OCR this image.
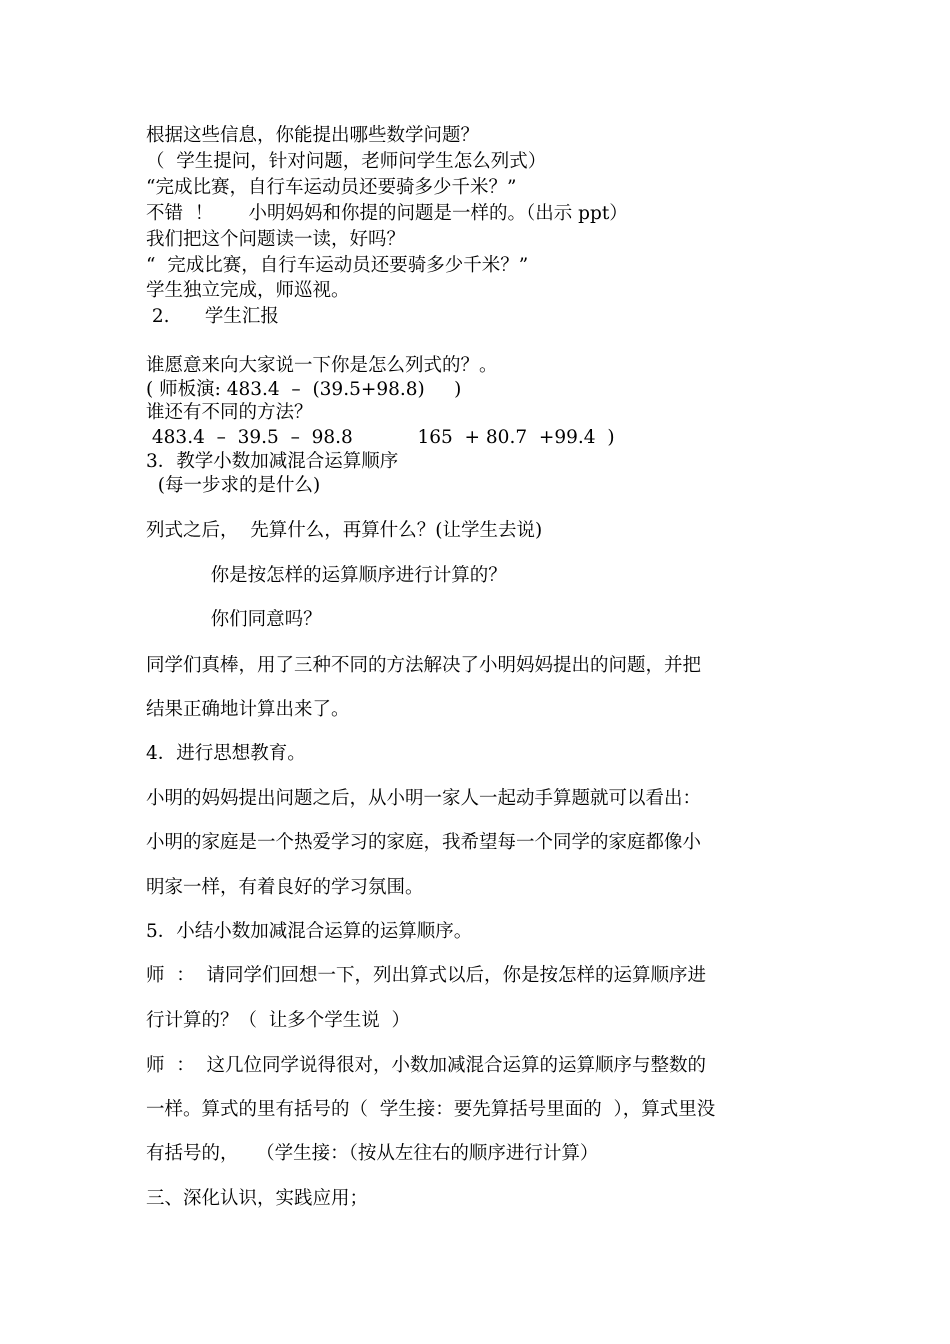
根据这些信息，你能提出哪些数学问题？
（  学生提问，针对问题，老师问学生怎么列式）
“完成比赛，自行车运动员还要骑多少千米？”
不错  ！      小明妈妈和你提的问题是一样的。（出示 ppt）
我们把这个问题读一读，好吗？
“  完成比赛，自行车运动员还要骑多少千米？”
学生独立完成，师巡视。
2.      学生汇报
谁愿意来向大家说一下你是怎么列式的？。
( 师板演: 483.4  –  (39.5+98.8)     )
谁还有不同的方法？
483.4  –  39.5  –  98.8           165  + 80.7  +99.4  )
3．教学小数加减混合运算顺序
(每一步求的是什么)
列式之后，  先算什么，再算什么？(让学生去说)
你是按怎样的运算顺序进行计算的？
你们同意吗？
同学们真棒，用了三种不同的方法解决了小明妈妈提出的问题，并把
结果正确地计算出来了。
4．进行思想教育。
小明的妈妈提出问题之后，从小明一家人一起动手算题就可以看出：
小明的家庭是一个热爱学习的家庭，我希望每一个同学的家庭都像小
明家一样，有着良好的学习氛围。
5．小结小数加减混合运算的运算顺序。
师  ：  请同学们回想一下，列出算式以后，你是按怎样的运算顺序进
行计算的？（  让多个学生说  ）
师  ：  这几位同学说得很对，小数加减混合运算的运算顺序与整数的
一样。算式的里有括号的（  学生接：要先算括号里面的  ），算式里没
有括号的，   （学生接：（按从左往右的顺序进行计算）
三、深化认识，实践应用；
